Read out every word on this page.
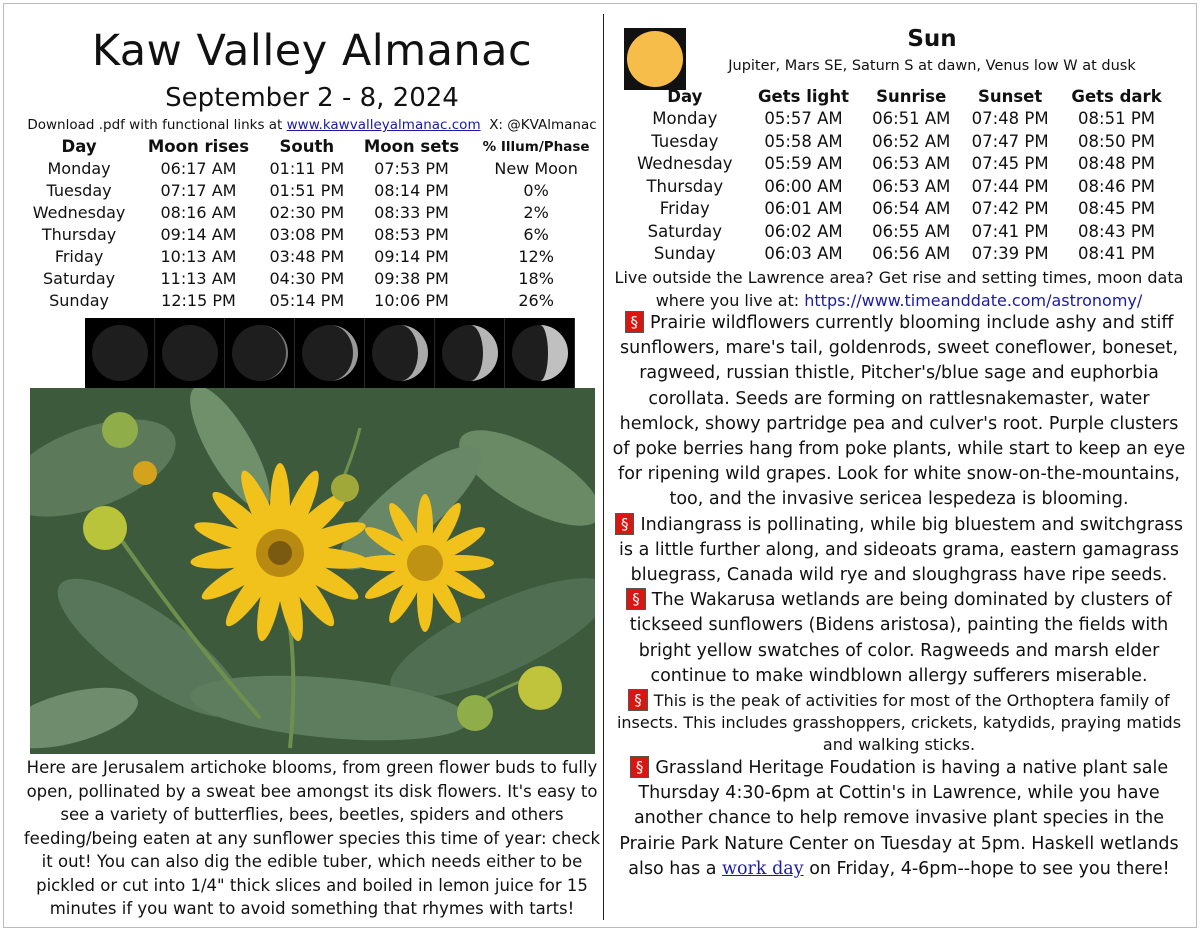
Kaw Valley Almanac
September 2 - 8, 2024
Download .pdf with functional links at www.kawvalleyalmanac.com X: @KVAlmanac
Day	Moon rises	South	Moon sets	% Illum/Phase
Monday	06:17 AM	01:11 PM	07:53 PM	New Moon
Tuesday	07:17 AM	01:51 PM	08:14 PM	0%
Wednesday	08:16 AM	02:30 PM	08:33 PM	2%
Thursday	09:14 AM	03:08 PM	08:53 PM	6%
Friday	10:13 AM	03:48 PM	09:14 PM	12%
Saturday	11:13 AM	04:30 PM	09:38 PM	18%
Sunday	12:15 PM	05:14 PM	10:06 PM	26%
Here are Jerusalem artichoke blooms, from green flower buds to fully open, pollinated by a sweat bee amongst its disk flowers. It's easy to see a variety of butterflies, bees, beetles, spiders and others feeding/being eaten at any sunflower species this time of year: check it out! You can also dig the edible tuber, which needs either to be pickled or cut into 1/4" thick slices and boiled in lemon juice for 15 minutes if you want to avoid something that rhymes with tarts!
Sun
Jupiter, Mars SE, Saturn S at dawn, Venus low W at dusk
Day	Gets light	Sunrise	Sunset	Gets dark
Monday	05:57 AM	06:51 AM	07:48 PM	08:51 PM
Tuesday	05:58 AM	06:52 AM	07:47 PM	08:50 PM
Wednesday	05:59 AM	06:53 AM	07:45 PM	08:48 PM
Thursday	06:00 AM	06:53 AM	07:44 PM	08:46 PM
Friday	06:01 AM	06:54 AM	07:42 PM	08:45 PM
Saturday	06:02 AM	06:55 AM	07:41 PM	08:43 PM
Sunday	06:03 AM	06:56 AM	07:39 PM	08:41 PM
Live outside the Lawrence area? Get rise and setting times, moon data where you live at: https://www.timeanddate.com/astronomy/
§ Prairie wildflowers currently blooming include ashy and stiff sunflowers, mare's tail, goldenrods, sweet coneflower, boneset, ragweed, russian thistle, Pitcher's/blue sage and euphorbia corollata. Seeds are forming on rattlesnakemaster, water hemlock, showy partridge pea and culver's root. Purple clusters of poke berries hang from poke plants, while start to keep an eye for ripening wild grapes. Look for white snow-on-the-mountains, too, and the invasive sericea lespedeza is blooming.
§ Indiangrass is pollinating, while big bluestem and switchgrass is a little further along, and sideoats grama, eastern gamagrass bluegrass, Canada wild rye and sloughgrass have ripe seeds.
§ The Wakarusa wetlands are being dominated by clusters of tickseed sunflowers (Bidens aristosa), painting the fields with bright yellow swatches of color. Ragweeds and marsh elder continue to make windblown allergy sufferers miserable.
§ This is the peak of activities for most of the Orthoptera family of insects. This includes grasshoppers, crickets, katydids, praying matids and walking sticks.
§ Grassland Heritage Foudation is having a native plant sale Thursday 4:30-6pm at Cottin's in Lawrence, while you have another chance to help remove invasive plant species in the Prairie Park Nature Center on Tuesday at 5pm. Haskell wetlands also has a work day on Friday, 4-6pm--hope to see you there!
